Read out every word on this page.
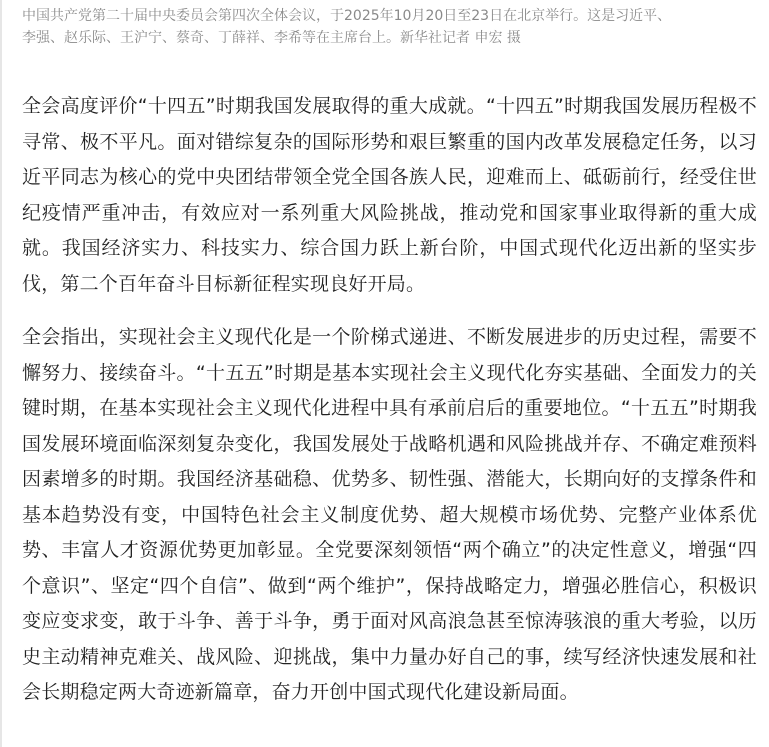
中国共产党第二十届中央委员会第四次全体会议，于2025年10月20日至23日在北京举行。这是习近平、
李强、赵乐际、王沪宁、蔡奇、丁薛祥、李希等在主席台上。新华社记者 申宏 摄

全会高度评价“十四五”时期我国发展取得的重大成就。“十四五”时期我国发展历程极不寻常、极不平凡。面对错综复杂的国际形势和艰巨繁重的国内改革发展稳定任务，以习近平同志为核心的党中央团结带领全党全国各族人民，迎难而上、砥砺前行，经受住世纪疫情严重冲击，有效应对一系列重大风险挑战，推动党和国家事业取得新的重大成就。我国经济实力、科技实力、综合国力跃上新台阶，中国式现代化迈出新的坚实步伐，第二个百年奋斗目标新征程实现良好开局。

全会指出，实现社会主义现代化是一个阶梯式递进、不断发展进步的历史过程，需要不懈努力、接续奋斗。“十五五”时期是基本实现社会主义现代化夯实基础、全面发力的关键时期，在基本实现社会主义现代化进程中具有承前启后的重要地位。“十五五”时期我国发展环境面临深刻复杂变化，我国发展处于战略机遇和风险挑战并存、不确定难预料因素增多的时期。我国经济基础稳、优势多、韧性强、潜能大，长期向好的支撑条件和基本趋势没有变，中国特色社会主义制度优势、超大规模市场优势、完整产业体系优势、丰富人才资源优势更加彰显。全党要深刻领悟“两个确立”的决定性意义，增强“四个意识”、坚定“四个自信”、做到“两个维护”，保持战略定力，增强必胜信心，积极识变应变求变，敢于斗争、善于斗争，勇于面对风高浪急甚至惊涛骇浪的重大考验，以历史主动精神克难关、战风险、迎挑战，集中力量办好自己的事，续写经济快速发展和社会长期稳定两大奇迹新篇章，奋力开创中国式现代化建设新局面。
